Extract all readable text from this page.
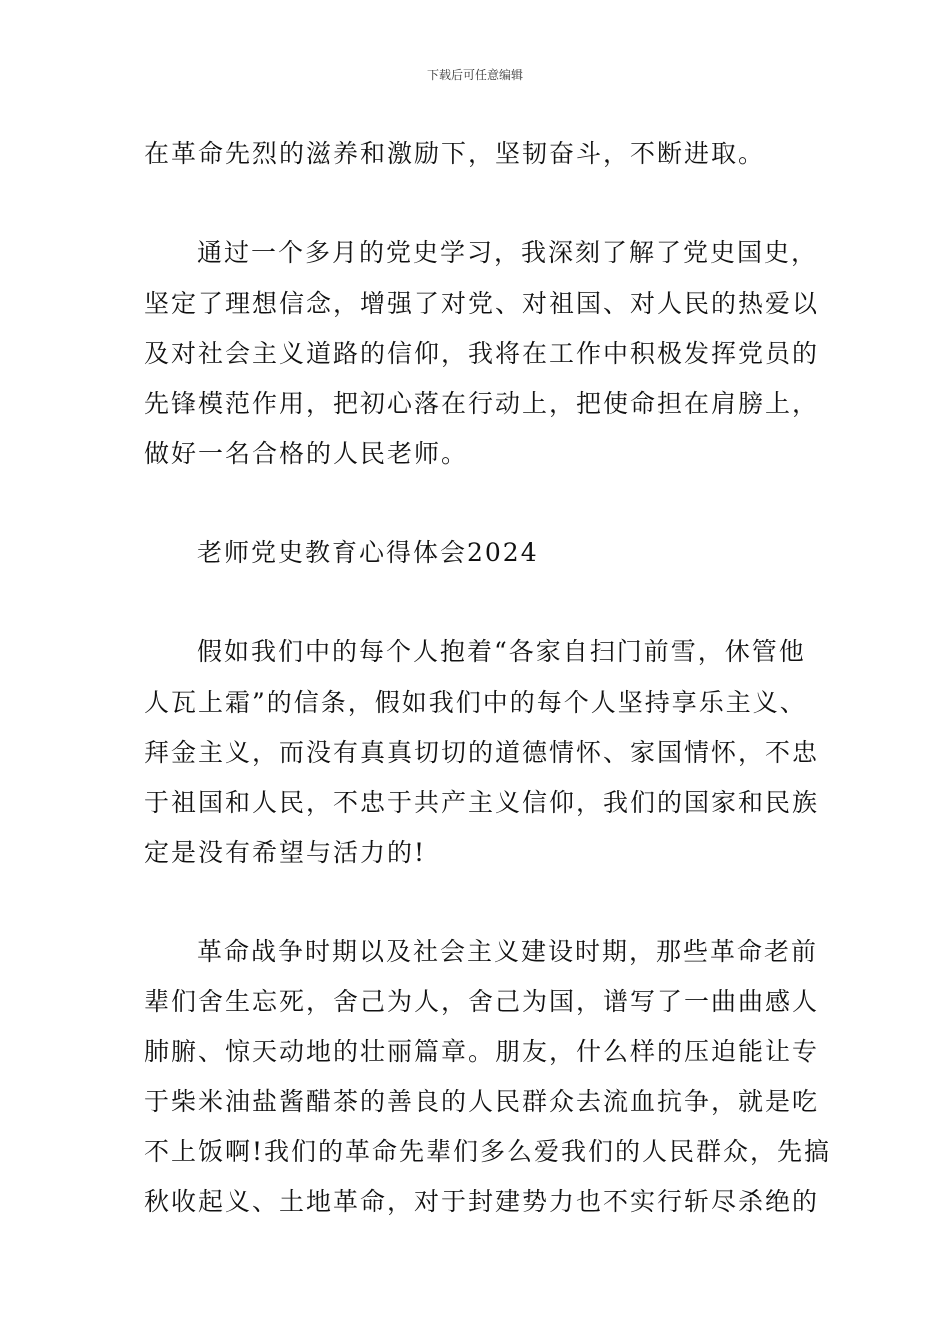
下载后可任意编辑
在革命先烈的滋养和激励下，坚韧奋斗，不断进取。
通过一个多月的党史学习，我深刻了解了党史国史，
坚定了理想信念，增强了对党、对祖国、对人民的热爱以
及对社会主义道路的信仰，我将在工作中积极发挥党员的
先锋模范作用，把初心落在行动上，把使命担在肩膀上，
做好一名合格的人民老师。
老师党史教育心得体会2024
假如我们中的每个人抱着“各家自扫门前雪，休管他
人瓦上霜”的信条，假如我们中的每个人坚持享乐主义、
拜金主义，而没有真真切切的道德情怀、家国情怀，不忠
于祖国和人民，不忠于共产主义信仰，我们的国家和民族
定是没有希望与活力的!
革命战争时期以及社会主义建设时期，那些革命老前
辈们舍生忘死，舍己为人，舍己为国，谱写了一曲曲感人
肺腑、惊天动地的壮丽篇章。朋友，什么样的压迫能让专
于柴米油盐酱醋茶的善良的人民群众去流血抗争，就是吃
不上饭啊!我们的革命先辈们多么爱我们的人民群众，先搞
秋收起义、土地革命，对于封建势力也不实行斩尽杀绝的
